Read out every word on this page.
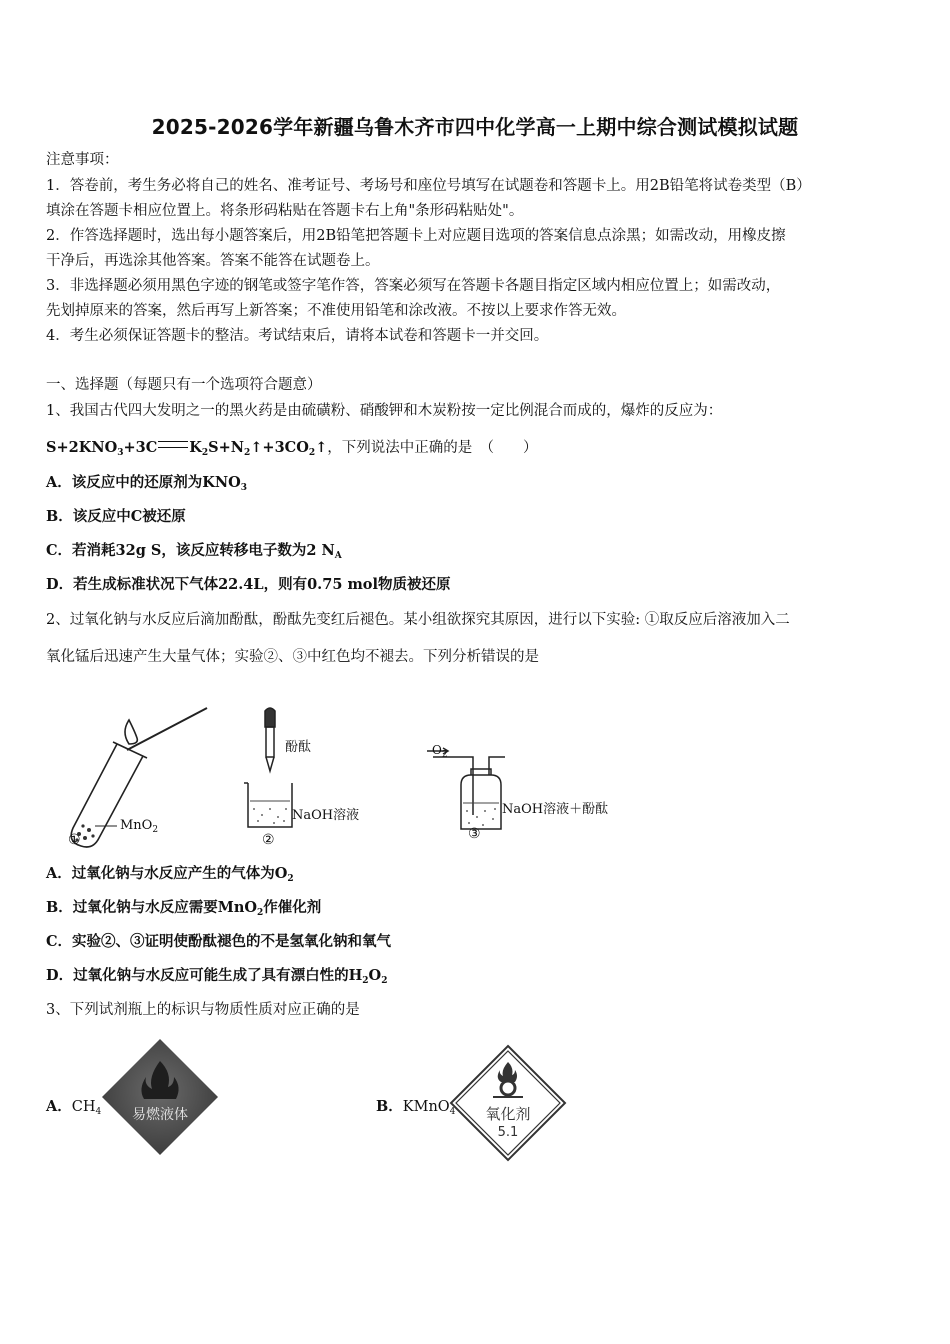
2025-2026学年新疆乌鲁木齐市四中化学高一上期中综合测试模拟试题
注意事项：
1．答卷前，考生务必将自己的姓名、准考证号、考场号和座位号填写在试题卷和答题卡上。用2B铅笔将试卷类型（B）
填涂在答题卡相应位置上。将条形码粘贴在答题卡右上角"条形码粘贴处"。
2．作答选择题时，选出每小题答案后，用2B铅笔把答题卡上对应题目选项的答案信息点涂黑；如需改动，用橡皮擦
干净后，再选涂其他答案。答案不能答在试题卷上。
3．非选择题必须用黑色字迹的钢笔或签字笔作答，答案必须写在答题卡各题目指定区域内相应位置上；如需改动，
先划掉原来的答案，然后再写上新答案；不准使用铅笔和涂改液。不按以上要求作答无效。
4．考生必须保证答题卡的整洁。考试结束后，请将本试卷和答题卡一并交回。
一、选择题（每题只有一个选项符合题意）
1、我国古代四大发明之一的黑火药是由硫磺粉、硝酸钾和木炭粉按一定比例混合而成的，爆炸的反应为：
$S+2KNO_3+3C$ $K_2S+N_2↑+3CO_2↑$，下列说法中正确的是　（　　）
A．该反应中的还原剂为$KNO_3$
B．该反应中C被还原
C．若消耗32g S，该反应转移电子数为2 $N_A$
D．若生成标准状况下气体22.4L，则有0.75 mol物质被还原
2、过氧化钠与水反应后滴加酚酞，酚酞先变红后褪色。某小组欲探究其原因，进行以下实验: ①取反应后溶液加入二
氧化锰后迅速产生大量气体；实验②、③中红色均不褪去。下列分析错误的是
MnO$_2$
①
酚酞
NaOH溶液
②
$O_2$
NaOH溶液＋酚酞
③
A．过氧化钠与水反应产生的气体为$O_2$
B．过氧化钠与水反应需要MnO$_2$作催化剂
C．实验②、③证明使酚酞褪色的不是氢氧化钠和氧气
D．过氧化钠与水反应可能生成了具有漂白性的$H_2O_2$
3、下列试剂瓶上的标识与物质性质对应正确的是
A．$CH_4$	易燃液体	B．KMnO$_4$	氧化剂
5.1
